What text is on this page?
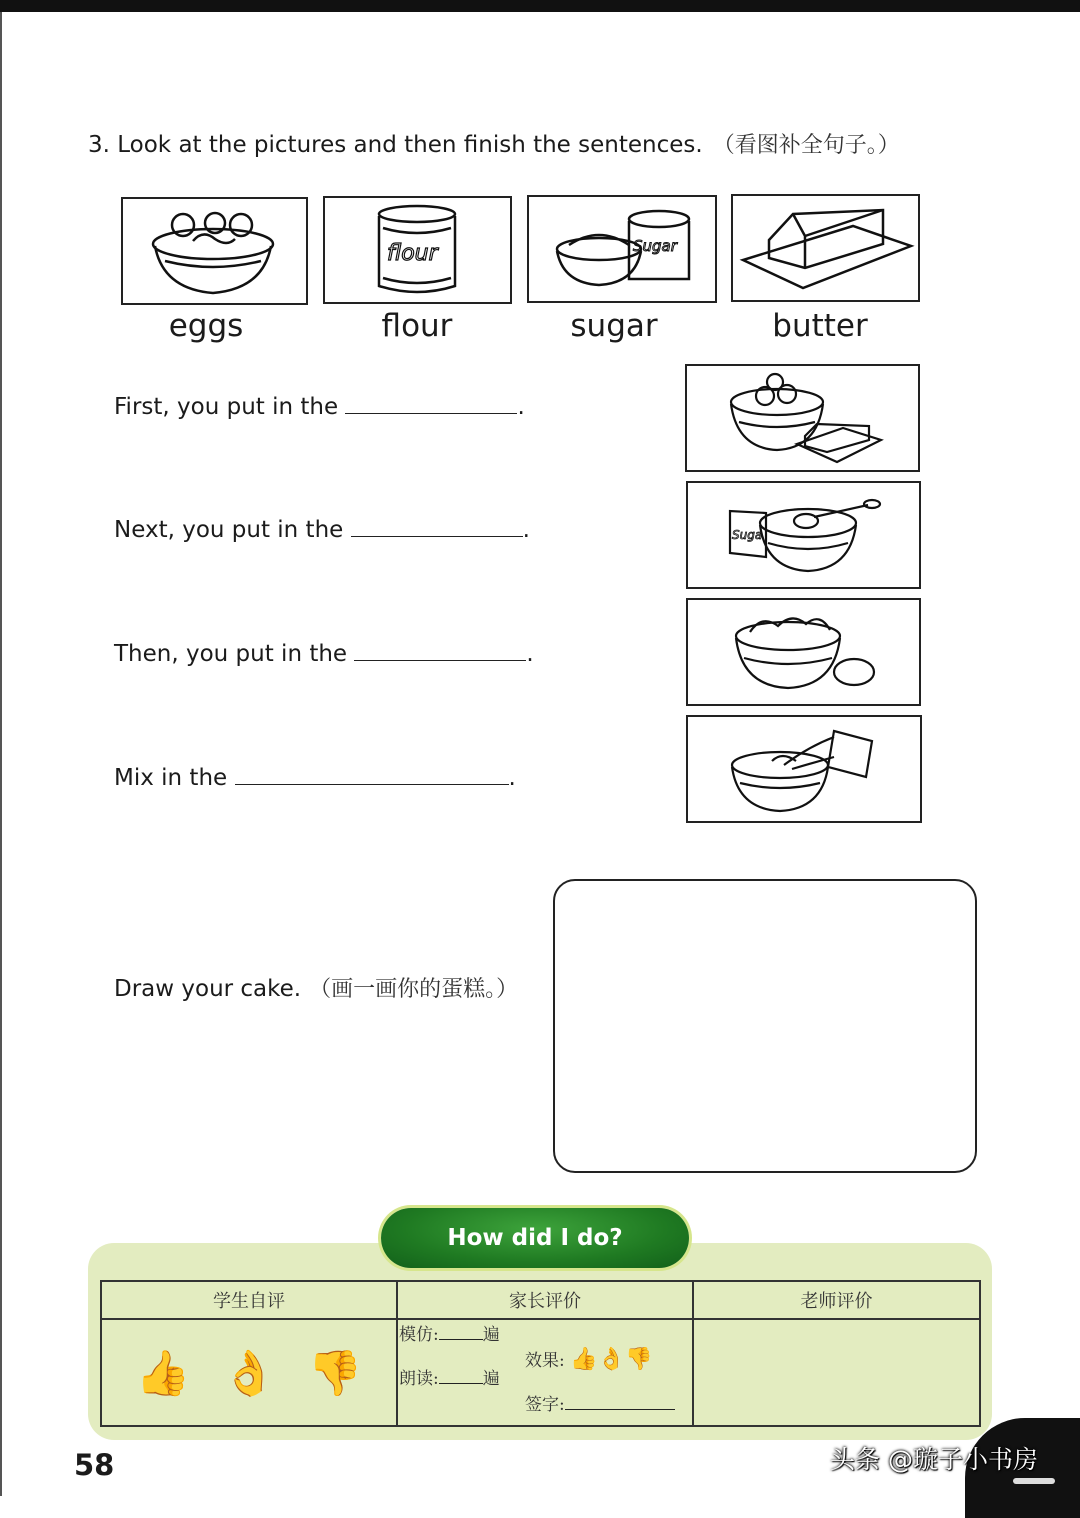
3. Look at the pictures and then finish the sentences. （看图补全句子。）
flour	Sugar
eggs	flour	sugar	butter
First, you put in the	.
Next, you put in the	.
Then, you put in the	.
Mix in the	.
Suga
Draw your cake. （画一画你的蛋糕。）
How did I do?
学生自评	家长评价	老师评价
👍 👌 👎		
模仿:	遍
朗读:	遍
效果: 👍👌👎
签字:
58	头条 @璇子小书房
